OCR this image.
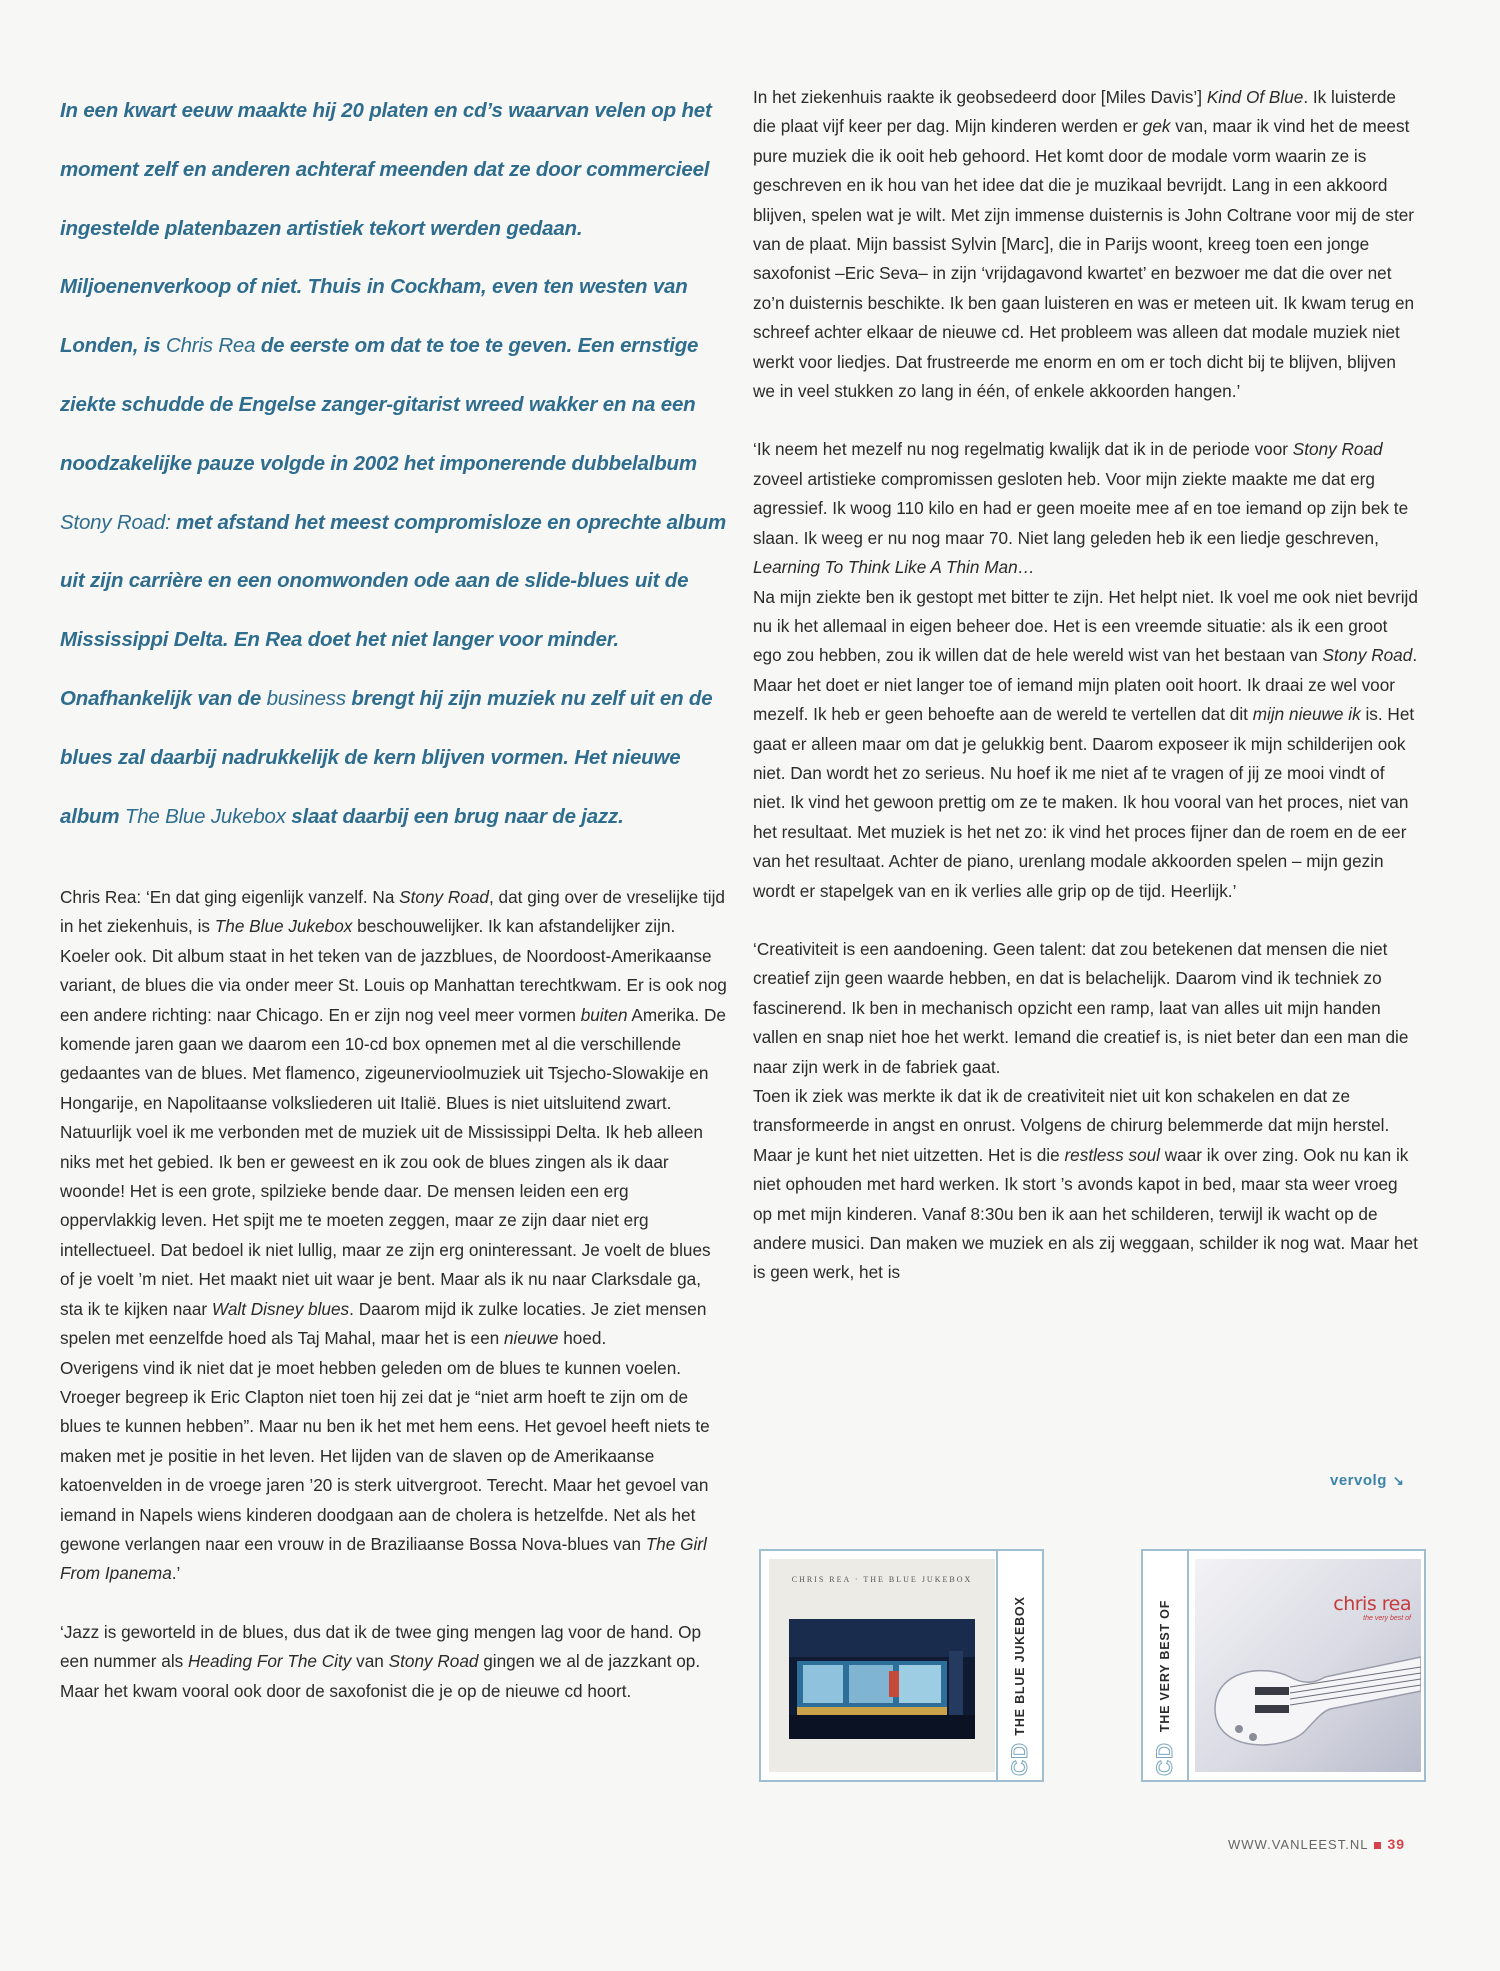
In een kwart eeuw maakte hij 20 platen en cd’s waarvan velen op het moment zelf en anderen achteraf meenden dat ze door commercieel ingestelde platenbazen artistiek tekort werden gedaan. Miljoenenverkoop of niet. Thuis in Cockham, even ten westen van Londen, is Chris Rea de eerste om dat te toe te geven. Een ernstige ziekte schudde de Engelse zanger-gitarist wreed wakker en na een noodzakelijke pauze volgde in 2002 het imponerende dubbelalbum Stony Road: met afstand het meest compromisloze en oprechte album uit zijn carrière en een onomwonden ode aan de slide-blues uit de Mississippi Delta. En Rea doet het niet langer voor minder. Onafhankelijk van de business brengt hij zijn muziek nu zelf uit en de blues zal daarbij nadrukkelijk de kern blijven vormen. Het nieuwe album The Blue Jukebox slaat daarbij een brug naar de jazz.

Chris Rea: ‘En dat ging eigenlijk vanzelf. Na Stony Road, dat ging over de vreselijke tijd in het ziekenhuis, is The Blue Jukebox beschouwelijker. Ik kan afstandelijker zijn. Koeler ook. Dit album staat in het teken van de jazzblues, de Noordoost-Amerikaanse variant, de blues die via onder meer St. Louis op Manhattan terechtkwam. Er is ook nog een andere richting: naar Chicago. En er zijn nog veel meer vormen buiten Amerika. De komende jaren gaan we daarom een 10-cd box opnemen met al die verschillende gedaantes van de blues. Met flamenco, zigeunervioolmuziek uit Tsjecho-Slowakije en Hongarije, en Napolitaanse volksliederen uit Italië. Blues is niet uitsluitend zwart. Natuurlijk voel ik me verbonden met de muziek uit de Mississippi Delta. Ik heb alleen niks met het gebied. Ik ben er geweest en ik zou ook de blues zingen als ik daar woonde! Het is een grote, spilzieke bende daar. De mensen leiden een erg oppervlakkig leven. Het spijt me te moeten zeggen, maar ze zijn daar niet erg intellectueel. Dat bedoel ik niet lullig, maar ze zijn erg oninteressant. Je voelt de blues of je voelt ’m niet. Het maakt niet uit waar je bent. Maar als ik nu naar Clarksdale ga, sta ik te kijken naar Walt Disney blues. Daarom mijd ik zulke locaties. Je ziet mensen spelen met eenzelfde hoed als Taj Mahal, maar het is een nieuwe hoed.

Overigens vind ik niet dat je moet hebben geleden om de blues te kunnen voelen. Vroeger begreep ik Eric Clapton niet toen hij zei dat je “niet arm hoeft te zijn om de blues te kunnen hebben”. Maar nu ben ik het met hem eens. Het gevoel heeft niets te maken met je positie in het leven. Het lijden van de slaven op de Amerikaanse katoenvelden in de vroege jaren ’20 is sterk uitvergroot. Terecht. Maar het gevoel van iemand in Napels wiens kinderen doodgaan aan de cholera is hetzelfde. Net als het gewone verlangen naar een vrouw in de Braziliaanse Bossa Nova-blues van The Girl From Ipanema.’

‘Jazz is geworteld in de blues, dus dat ik de twee ging mengen lag voor de hand. Op een nummer als Heading For The City van Stony Road gingen we al de jazzkant op. Maar het kwam vooral ook door de saxofonist die je op de nieuwe cd hoort.

In het ziekenhuis raakte ik geobsedeerd door [Miles Davis’] Kind Of Blue. Ik luisterde die plaat vijf keer per dag. Mijn kinderen werden er gek van, maar ik vind het de meest pure muziek die ik ooit heb gehoord. Het komt door de modale vorm waarin ze is geschreven en ik hou van het idee dat die je muzikaal bevrijdt. Lang in een akkoord blijven, spelen wat je wilt. Met zijn immense duisternis is John Coltrane voor mij de ster van de plaat. Mijn bassist Sylvin [Marc], die in Parijs woont, kreeg toen een jonge saxofonist –Eric Seva– in zijn ‘vrijdagavond kwartet’ en bezwoer me dat die over net zo’n duisternis beschikte. Ik ben gaan luisteren en was er meteen uit. Ik kwam terug en schreef achter elkaar de nieuwe cd. Het probleem was alleen dat modale muziek niet werkt voor liedjes. Dat frustreerde me enorm en om er toch dicht bij te blijven, blijven we in veel stukken zo lang in één, of enkele akkoorden hangen.’

‘Ik neem het mezelf nu nog regelmatig kwalijk dat ik in de periode voor Stony Road zoveel artistieke compromissen gesloten heb. Voor mijn ziekte maakte me dat erg agressief. Ik woog 110 kilo en had er geen moeite mee af en toe iemand op zijn bek te slaan. Ik weeg er nu nog maar 70. Niet lang geleden heb ik een liedje geschreven, Learning To Think Like A Thin Man…

Na mijn ziekte ben ik gestopt met bitter te zijn. Het helpt niet. Ik voel me ook niet bevrijd nu ik het allemaal in eigen beheer doe. Het is een vreemde situatie: als ik een groot ego zou hebben, zou ik willen dat de hele wereld wist van het bestaan van Stony Road. Maar het doet er niet langer toe of iemand mijn platen ooit hoort. Ik draai ze wel voor mezelf. Ik heb er geen behoefte aan de wereld te vertellen dat dit mijn nieuwe ik is. Het gaat er alleen maar om dat je gelukkig bent. Daarom exposeer ik mijn schilderijen ook niet. Dan wordt het zo serieus. Nu hoef ik me niet af te vragen of jij ze mooi vindt of niet. Ik vind het gewoon prettig om ze te maken. Ik hou vooral van het proces, niet van het resultaat. Met muziek is het net zo: ik vind het proces fijner dan de roem en de eer van het resultaat. Achter de piano, urenlang modale akkoorden spelen – mijn gezin wordt er stapelgek van en ik verlies alle grip op de tijd. Heerlijk.’

‘Creativiteit is een aandoening. Geen talent: dat zou betekenen dat mensen die niet creatief zijn geen waarde hebben, en dat is belachelijk. Daarom vind ik techniek zo fascinerend. Ik ben in mechanisch opzicht een ramp, laat van alles uit mijn handen vallen en snap niet hoe het werkt. Iemand die creatief is, is niet beter dan een man die naar zijn werk in de fabriek gaat.

Toen ik ziek was merkte ik dat ik de creativiteit niet uit kon schakelen en dat ze transformeerde in angst en onrust. Volgens de chirurg belemmerde dat mijn herstel. Maar je kunt het niet uitzetten. Het is die restless soul waar ik over zing. Ook nu kan ik niet ophouden met hard werken. Ik stort ’s avonds kapot in bed, maar sta weer vroeg op met mijn kinderen. Vanaf 8:30u ben ik aan het schilderen, terwijl ik wacht op de andere musici. Dan maken we muziek en als zij weggaan, schilder ik nog wat. Maar het is geen werk, het is

vervolg ↘
CHRIS REA · THE BLUE JUKEBOX
THE BLUE JUKEBOX
CD
THE VERY BEST OF
CD
chris rea
the very best of
WWW.VANLEEST.NL 39
